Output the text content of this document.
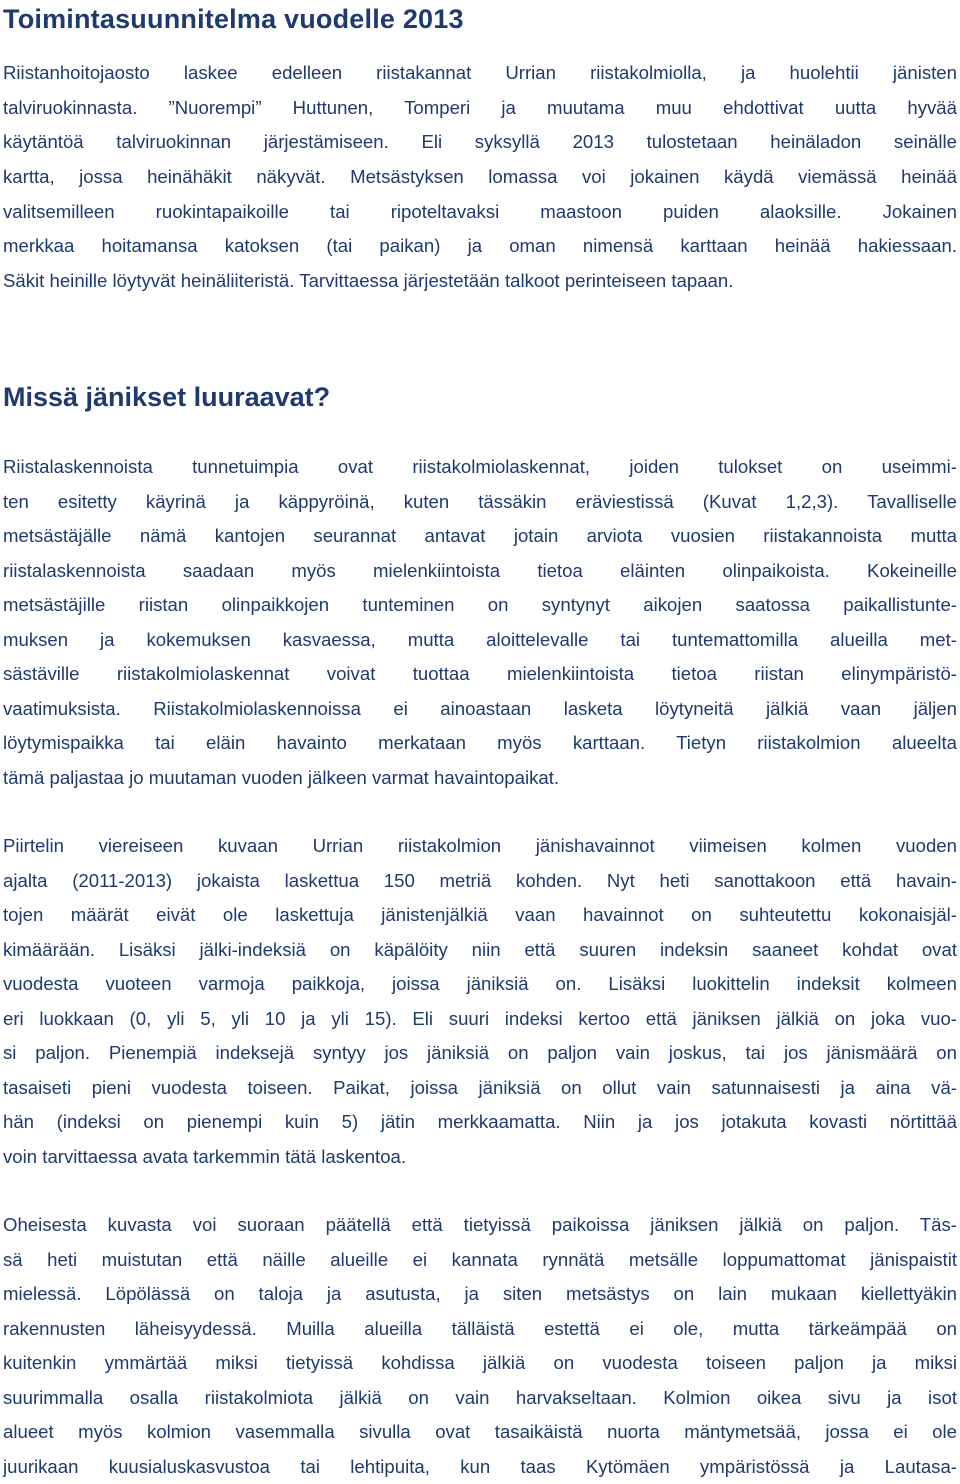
Toimintasuunnitelma vuodelle 2013
Riistanhoitojaosto laskee edelleen riistakannat Urrian riistakolmiolla, ja huolehtii jänisten
talviruokinnasta. ”Nuorempi” Huttunen, Tomperi ja muutama muu ehdottivat uutta hyvää
käytäntöä talviruokinnan järjestämiseen. Eli syksyllä 2013 tulostetaan heinäladon seinälle
kartta, jossa heinähäkit näkyvät. Metsästyksen lomassa voi jokainen käydä viemässä heinää
valitsemilleen ruokintapaikoille tai ripoteltavaksi maastoon puiden alaoksille. Jokainen
merkkaa hoitamansa katoksen (tai paikan) ja oman nimensä karttaan heinää hakiessaan.
Säkit heinille löytyvät heinäliiteristä. Tarvittaessa järjestetään talkoot perinteiseen tapaan.
Missä jänikset luuraavat?
Riistalaskennoista tunnetuimpia ovat riistakolmiolaskennat, joiden tulokset on useimmi-
ten esitetty käyrinä ja käppyröinä, kuten tässäkin eräviestissä (Kuvat 1,2,3). Tavalliselle
metsästäjälle nämä kantojen seurannat antavat jotain arviota vuosien riistakannoista mutta
riistalaskennoista saadaan myös mielenkiintoista tietoa eläinten olinpaikoista. Kokeineille
metsästäjille riistan olinpaikkojen tunteminen on syntynyt aikojen saatossa paikallistunte-
muksen ja kokemuksen kasvaessa, mutta aloittelevalle tai tuntemattomilla alueilla met-
sästäville riistakolmiolaskennat voivat tuottaa mielenkiintoista tietoa riistan elinympäristö-
vaatimuksista. Riistakolmiolaskennoissa ei ainoastaan lasketa löytyneitä jälkiä vaan jäljen
löytymispaikka tai eläin havainto merkataan myös karttaan. Tietyn riistakolmion alueelta
tämä paljastaa jo muutaman vuoden jälkeen varmat havaintopaikat.
Piirtelin viereiseen kuvaan Urrian riistakolmion jänishavainnot viimeisen kolmen vuoden
ajalta (2011-2013) jokaista laskettua 150 metriä kohden. Nyt heti sanottakoon että havain-
tojen määrät eivät ole laskettuja jänistenjälkiä vaan havainnot on suhteutettu kokonaisjäl-
kimäärään. Lisäksi jälki-indeksiä on käpälöity niin että suuren indeksin saaneet kohdat ovat
vuodesta vuoteen varmoja paikkoja, joissa jäniksiä on. Lisäksi luokittelin indeksit kolmeen
eri luokkaan (0, yli 5, yli 10 ja yli 15). Eli suuri indeksi kertoo että jäniksen jälkiä on joka vuo-
si paljon. Pienempiä indeksejä syntyy jos jäniksiä on paljon vain joskus, tai jos jänismäärä on
tasaiseti pieni vuodesta toiseen. Paikat, joissa jäniksiä on ollut vain satunnaisesti ja aina vä-
hän (indeksi on pienempi kuin 5) jätin merkkaamatta. Niin ja jos jotakuta kovasti nörtittää
voin tarvittaessa avata tarkemmin tätä laskentoa.
Oheisesta kuvasta voi suoraan päätellä että tietyissä paikoissa jäniksen jälkiä on paljon. Täs-
sä heti muistutan että näille alueille ei kannata rynnätä metsälle loppumattomat jänispaistit
mielessä. Löpölässä on taloja ja asutusta, ja siten metsästys on lain mukaan kiellettyäkin
rakennusten läheisyydessä. Muilla alueilla tälläistä estettä ei ole, mutta tärkeämpää on
kuitenkin ymmärtää miksi tietyissä kohdissa jälkiä on vuodesta toiseen paljon ja miksi
suurimmalla osalla riistakolmiota jälkiä on vain harvakseltaan. Kolmion oikea sivu ja isot
alueet myös kolmion vasemmalla sivulla ovat tasaikäistä nuorta mäntymetsää, jossa ei ole
juurikaan kuusialuskasvustoa tai lehtipuita, kun taas Kytömäen ympäristössä ja Lautasa-
